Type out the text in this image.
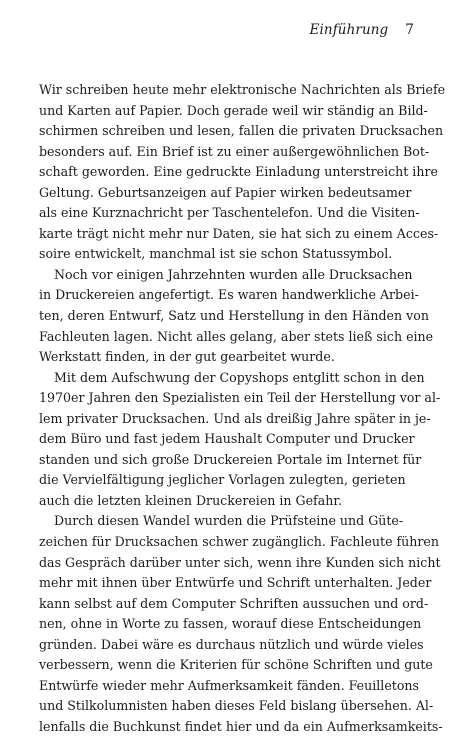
Einführung 7
Wir schreiben heute mehr elektronische Nachrichten als Briefe
und Karten auf Papier. Doch gerade weil wir ständig an Bild-
schirmen schreiben und lesen, fallen die privaten Drucksachen
besonders auf. Ein Brief ist zu einer außergewöhnlichen Bot-
schaft geworden. Eine gedruckte Einladung unterstreicht ihre
Geltung. Geburtsanzeigen auf Papier wirken bedeutsamer
als eine Kurznachricht per Taschentelefon. Und die Visiten-
karte trägt nicht mehr nur Daten, sie hat sich zu einem Acces-
soire entwickelt, manchmal ist sie schon Statussymbol.
Noch vor einigen Jahrzehnten wurden alle Drucksachen
in Druckereien angefertigt. Es waren handwerkliche Arbei-
ten, deren Entwurf, Satz und Herstellung in den Händen von
Fachleuten lagen. Nicht alles gelang, aber stets ließ sich eine
Werkstatt finden, in der gut gearbeitet wurde.
Mit dem Aufschwung der Copyshops entglitt schon in den
1970er Jahren den Spezialisten ein Teil der Herstellung vor al-
lem privater Drucksachen. Und als dreißig Jahre später in je-
dem Büro und fast jedem Haushalt Computer und Drucker
standen und sich große Druckereien Portale im Internet für
die Vervielfältigung jeglicher Vorlagen zulegten, gerieten
auch die letzten kleinen Druckereien in Gefahr.
Durch diesen Wandel wurden die Prüfsteine und Güte-
zeichen für Drucksachen schwer zugänglich. Fachleute führen
das Gespräch darüber unter sich, wenn ihre Kunden sich nicht
mehr mit ihnen über Entwürfe und Schrift unterhalten. Jeder
kann selbst auf dem Computer Schriften aussuchen und ord-
nen, ohne in Worte zu fassen, worauf diese Entscheidungen
gründen. Dabei wäre es durchaus nützlich und würde vieles
verbessern, wenn die Kriterien für schöne Schriften und gute
Entwürfe wieder mehr Aufmerksamkeit fänden. Feuilletons
und Stilkolumnisten haben dieses Feld bislang übersehen. Al-
lenfalls die Buchkunst findet hier und da ein Aufmerksamkeits-
